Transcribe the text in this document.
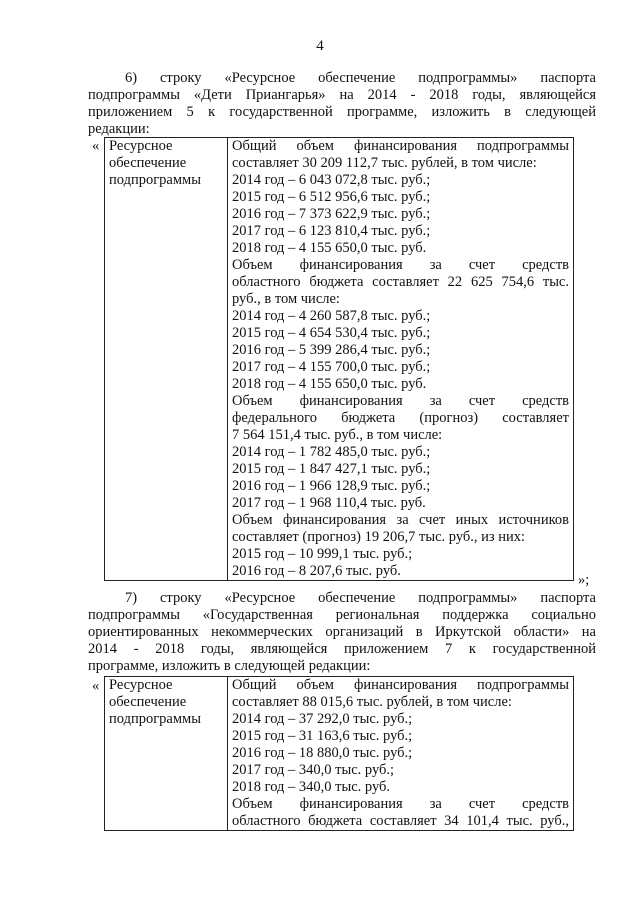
4
6) строку «Ресурсное обеспечение подпрограммы» паспорта
подпрограммы «Дети Приангарья» на 2014 - 2018 годы, являющейся
приложением 5 к государственной программе, изложить в следующей
редакции:
« Ресурсное
обеспечение
подпрограммы

Общий объем финансирования подпрограммы
составляет 30 209 112,7 тыс. рублей, в том числе:
2014 год – 6 043 072,8 тыс. руб.;
2015 год – 6 512 956,6 тыс. руб.;
2016 год – 7 373 622,9 тыс. руб.;
2017 год – 6 123 810,4 тыс. руб.;
2018 год – 4 155 650,0 тыс. руб.
Объем финансирования за счет средств
областного бюджета составляет 22 625 754,6 тыс.
руб., в том числе:
2014 год – 4 260 587,8 тыс. руб.;
2015 год – 4 654 530,4 тыс. руб.;
2016 год – 5 399 286,4 тыс. руб.;
2017 год – 4 155 700,0 тыс. руб.;
2018 год – 4 155 650,0 тыс. руб.
Объем финансирования за счет средств
федерального бюджета (прогноз) составляет
7 564 151,4 тыс. руб., в том числе:
2014 год – 1 782 485,0 тыс. руб.;
2015 год – 1 847 427,1 тыс. руб.;
2016 год – 1 966 128,9 тыс. руб.;
2017 год – 1 968 110,4 тыс. руб.
Объем финансирования за счет иных источников
составляет (прогноз) 19 206,7 тыс. руб., из них:
2015 год – 10 999,1 тыс. руб.;
2016 год – 8 207,6 тыс. руб.
»;
7) строку «Ресурсное обеспечение подпрограммы» паспорта
подпрограммы «Государственная региональная поддержка социально
ориентированных некоммерческих организаций в Иркутской области» на
2014 - 2018 годы, являющейся приложением 7 к государственной
программе, изложить в следующей редакции:
« Ресурсное
обеспечение
подпрограммы

Общий объем финансирования подпрограммы
составляет 88 015,6 тыс. рублей, в том числе:
2014 год – 37 292,0 тыс. руб.;
2015 год – 31 163,6 тыс. руб.;
2016 год – 18 880,0 тыс. руб.;
2017 год – 340,0 тыс. руб.;
2018 год – 340,0 тыс. руб.
Объем финансирования за счет средств
областного бюджета составляет 34 101,4 тыс. руб.,
